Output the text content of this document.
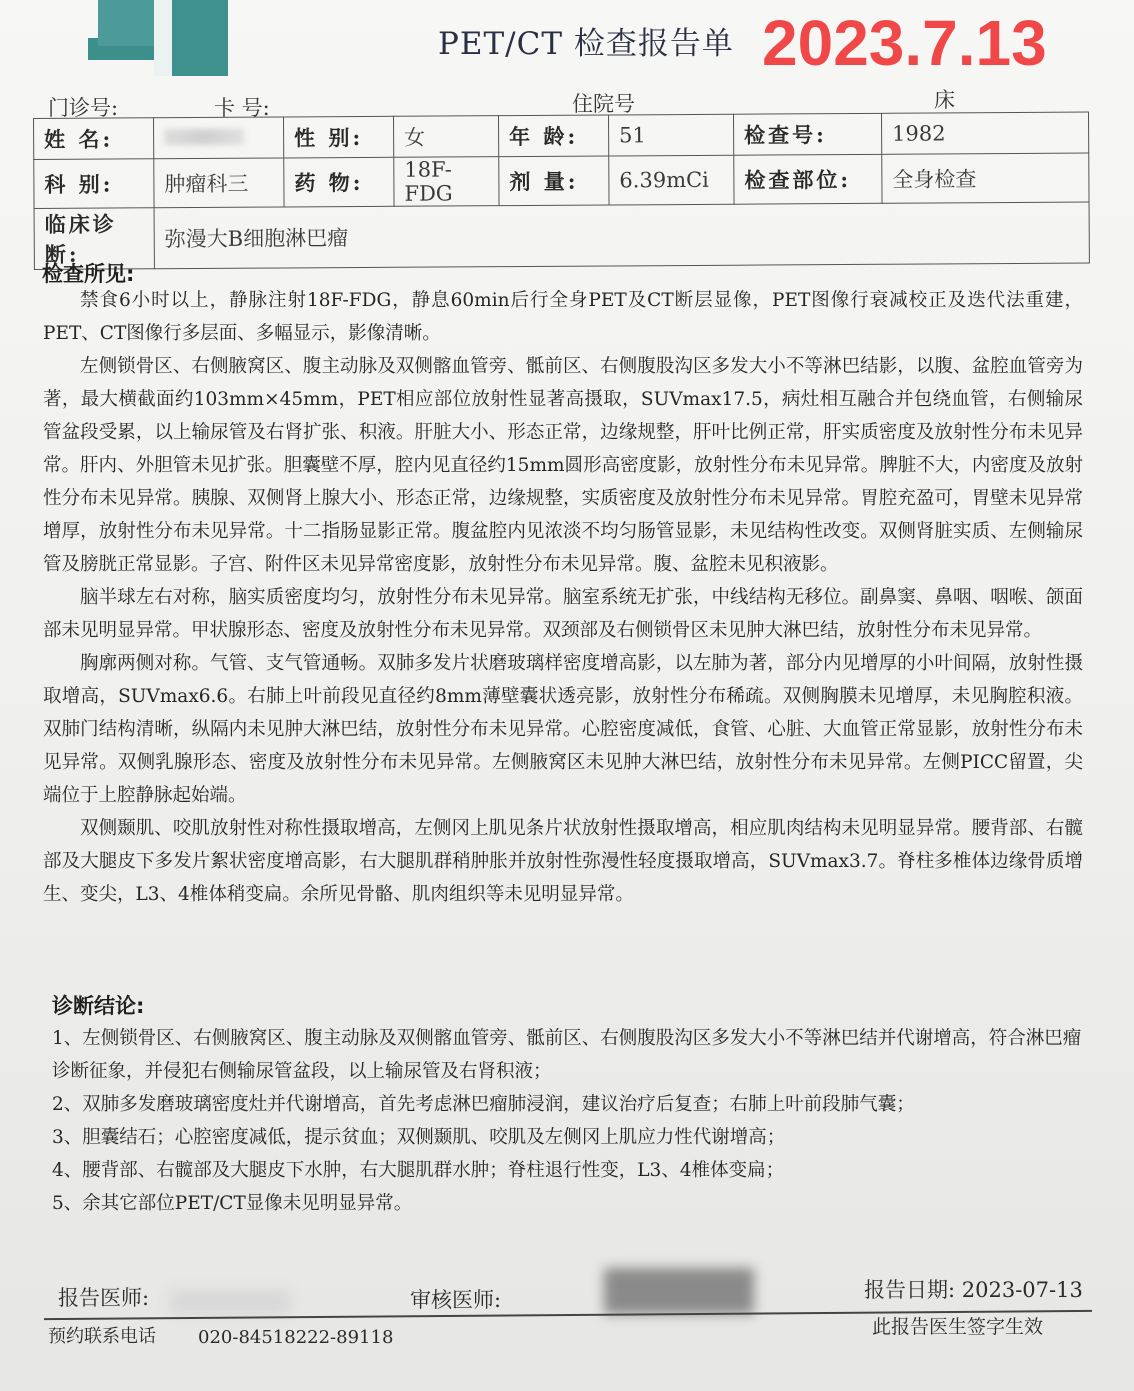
PET/CT 检查报告单 2023.7.13
门诊号:	卡 号:	住院号	床
姓 名:		性 别:	女	年 龄:	51	检查号:	1982
科 别:	肿瘤科三	药 物:	18F-FDG	剂 量:	6.39mCi	检查部位:	全身检查
临床诊断:	弥漫大B细胞淋巴瘤						
检查所见:

禁食6小时以上，静脉注射18F-FDG，静息60min后行全身PET及CT断层显像，PET图像行衰减校正及迭代法重建，PET、CT图像行多层面、多幅显示，影像清晰。

左侧锁骨区、右侧腋窝区、腹主动脉及双侧髂血管旁、骶前区、右侧腹股沟区多发大小不等淋巴结影，以腹、盆腔血管旁为著，最大横截面约103mm×45mm，PET相应部位放射性显著高摄取，SUVmax17.5，病灶相互融合并包绕血管，右侧输尿管盆段受累，以上输尿管及右肾扩张、积液。肝脏大小、形态正常，边缘规整，肝叶比例正常，肝实质密度及放射性分布未见异常。肝内、外胆管未见扩张。胆囊壁不厚，腔内见直径约15mm圆形高密度影，放射性分布未见异常。脾脏不大，内密度及放射性分布未见异常。胰腺、双侧肾上腺大小、形态正常，边缘规整，实质密度及放射性分布未见异常。胃腔充盈可，胃壁未见异常增厚，放射性分布未见异常。十二指肠显影正常。腹盆腔内见浓淡不均匀肠管显影，未见结构性改变。双侧肾脏实质、左侧输尿管及膀胱正常显影。子宫、附件区未见异常密度影，放射性分布未见异常。腹、盆腔未见积液影。

脑半球左右对称，脑实质密度均匀，放射性分布未见异常。脑室系统无扩张，中线结构无移位。副鼻窦、鼻咽、咽喉、颌面部未见明显异常。甲状腺形态、密度及放射性分布未见异常。双颈部及右侧锁骨区未见肿大淋巴结，放射性分布未见异常。

胸廓两侧对称。气管、支气管通畅。双肺多发片状磨玻璃样密度增高影，以左肺为著，部分内见增厚的小叶间隔，放射性摄取增高，SUVmax6.6。右肺上叶前段见直径约8mm薄壁囊状透亮影，放射性分布稀疏。双侧胸膜未见增厚，未见胸腔积液。双肺门结构清晰，纵隔内未见肿大淋巴结，放射性分布未见异常。心腔密度减低，食管、心脏、大血管正常显影，放射性分布未见异常。双侧乳腺形态、密度及放射性分布未见异常。左侧腋窝区未见肿大淋巴结，放射性分布未见异常。左侧PICC留置，尖端位于上腔静脉起始端。

双侧颞肌、咬肌放射性对称性摄取增高，左侧冈上肌见条片状放射性摄取增高，相应肌肉结构未见明显异常。腰背部、右髋部及大腿皮下多发片絮状密度增高影，右大腿肌群稍肿胀并放射性弥漫性轻度摄取增高，SUVmax3.7。脊柱多椎体边缘骨质增生、变尖，L3、4椎体稍变扁。余所见骨骼、肌肉组织等未见明显异常。

诊断结论:
1、左侧锁骨区、右侧腋窝区、腹主动脉及双侧髂血管旁、骶前区、右侧腹股沟区多发大小不等淋巴结并代谢增高，符合淋巴瘤诊断征象，并侵犯右侧输尿管盆段，以上输尿管及右肾积液；
2、双肺多发磨玻璃密度灶并代谢增高，首先考虑淋巴瘤肺浸润，建议治疗后复查；右肺上叶前段肺气囊；
3、胆囊结石；心腔密度减低，提示贫血；双侧颞肌、咬肌及左侧冈上肌应力性代谢增高；
4、腰背部、右髋部及大腿皮下水肿，右大腿肌群水肿；脊柱退行性变，L3、4椎体变扁；
5、余其它部位PET/CT显像未见明显异常。
报告医师:	审核医师:	报告日期: 2023-07-13
预约联系电话 020-84518222-89118	此报告医生签字生效
